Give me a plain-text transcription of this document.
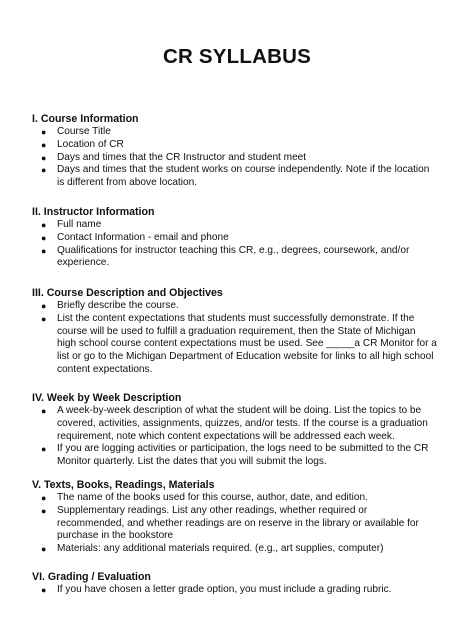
CR SYLLABUS
I. Course Information
● Course Title
● Location of CR
● Days and times that the CR Instructor and student meet
● Days and times that the student works on course independently. Note if the location
is different from above location.
II. Instructor Information
● Full name
● Contact Information - email and phone
● Qualifications for instructor teaching this CR, e.g., degrees, coursework, and/or
experience.
III. Course Description and Objectives
● Briefly describe the course.
● List the content expectations that students must successfully demonstrate. If the
course will be used to fulfill a graduation requirement, then the State of Michigan
high school course content expectations must be used. See _____a CR Monitor for a
list or go to the Michigan Department of Education website for links to all high school
content expectations.
IV. Week by Week Description
● A week-by-week description of what the student will be doing. List the topics to be
covered, activities, assignments, quizzes, and/or tests. If the course is a graduation
requirement, note which content expectations will be addressed each week.
● If you are logging activities or participation, the logs need to be submitted to the CR
Monitor quarterly. List the dates that you will submit the logs.
V. Texts, Books, Readings, Materials
● The name of the books used for this course, author, date, and edition.
● Supplementary readings. List any other readings, whether required or
recommended, and whether readings are on reserve in the library or available for
purchase in the bookstore
● Materials: any additional materials required. (e.g., art supplies, computer)
VI. Grading / Evaluation
● If you have chosen a letter grade option, you must include a grading rubric.
